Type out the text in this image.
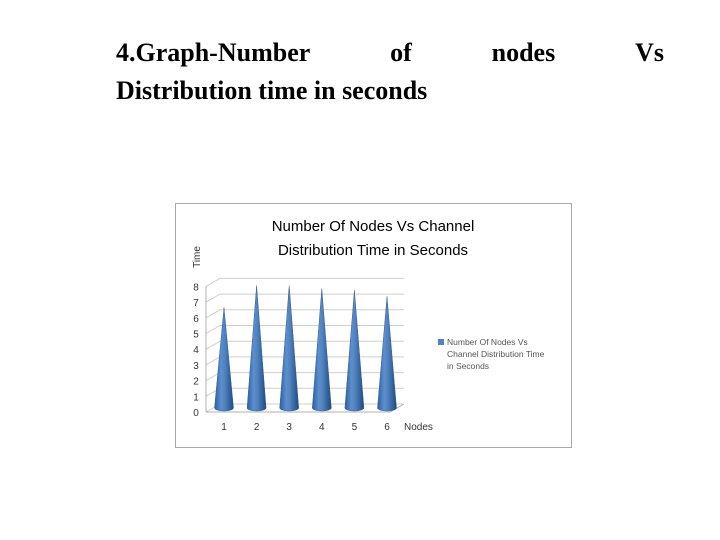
4.Graph-Number	of	nodes	Vs
Distribution time in seconds
Number Of Nodes Vs Channel
Distribution Time in Seconds
Time
0
1
2
3
4
5
6
7
8
1	2	3	4	5	6 Nodes
Number Of Nodes Vs
Channel Distribution Time
in Seconds
